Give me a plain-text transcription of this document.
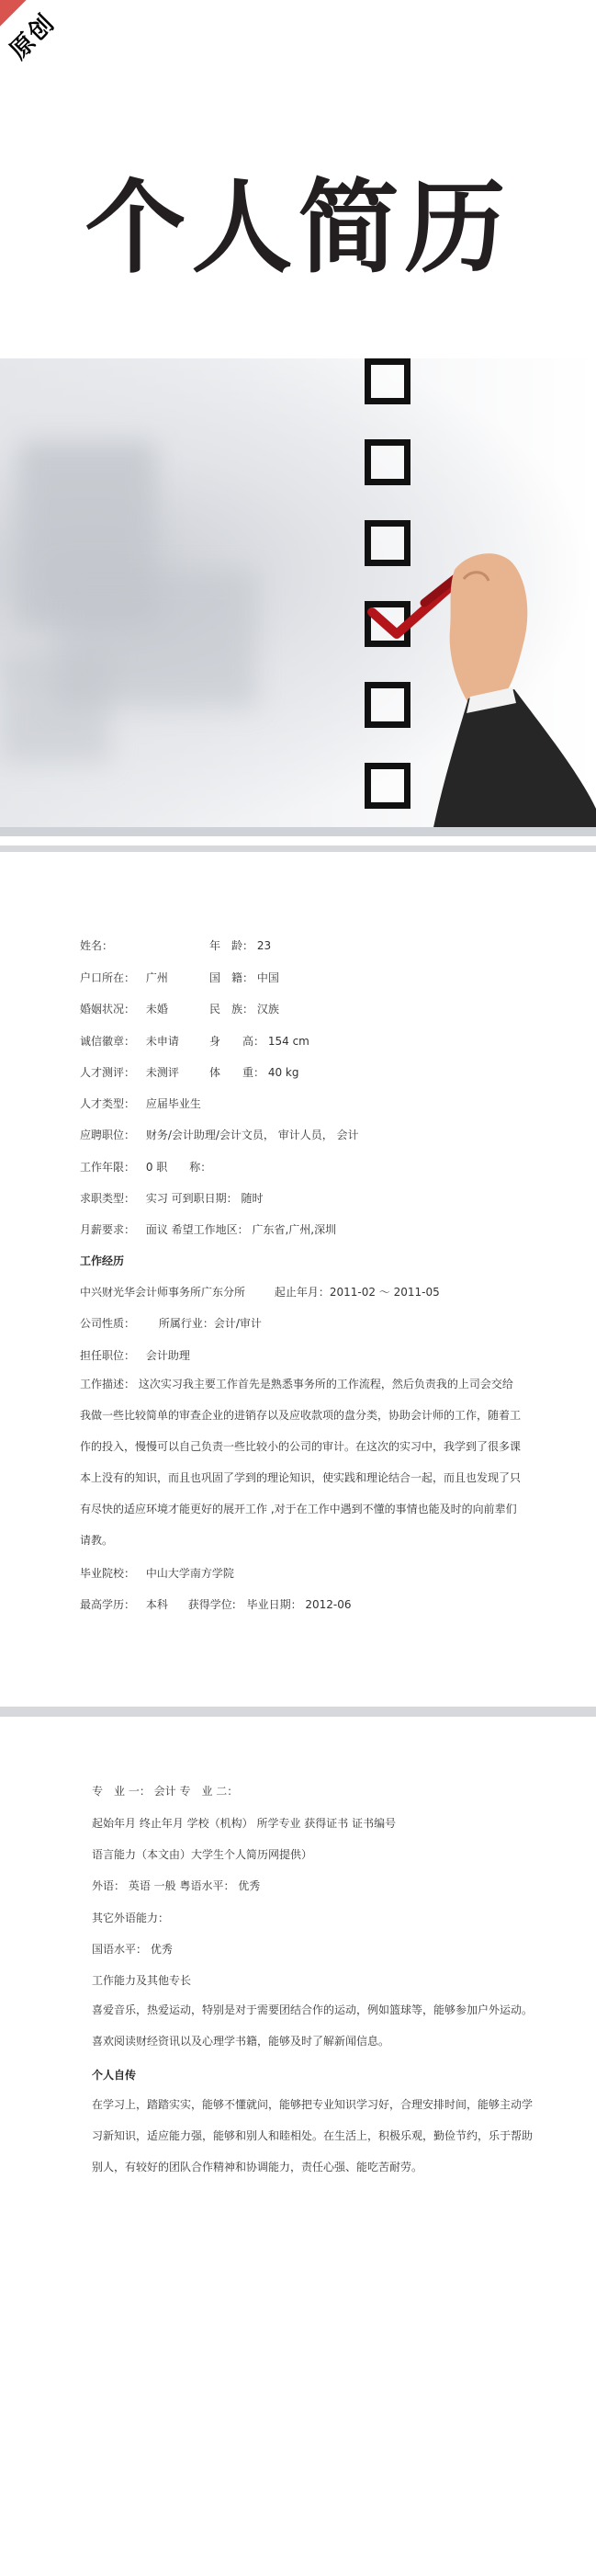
原创
个人简历
姓名：	年　龄： 23
户口所在： 广州	国　籍： 中国
婚姻状况： 未婚	民　族： 汉族
诚信徽章： 未申请	身　　高： 154 cm
人才测评： 未测评	体　　重： 40 kg
人才类型： 应届毕业生
应聘职位： 财务/会计助理/会计文员， 审计人员， 会计
工作年限： 0 职　　称：
求职类型： 实习 可到职日期： 随时
月薪要求： 面议 希望工作地区： 广东省,广州,深圳
工作经历
中兴财光华会计师事务所广东分所	起止年月：2011-02 ～ 2011-05
公司性质： 所属行业：会计/审计
担任职位： 会计助理
工作描述： 这次实习我主要工作首先是熟悉事务所的工作流程，然后负责我的上司会交给
我做一些比较简单的审查企业的进销存以及应收款项的盘分类，协助会计师的工作，随着工
作的投入，慢慢可以自己负责一些比较小的公司的审计。在这次的实习中，我学到了很多课
本上没有的知识，而且也巩固了学到的理论知识，使实践和理论结合一起，而且也发现了只
有尽快的适应环境才能更好的展开工作 ,对于在工作中遇到不懂的事情也能及时的向前辈们
请教。
毕业院校： 中山大学南方学院
最高学历： 本科 获得学位: 毕业日期： 2012-06
专　业 一： 会计 专　业 二：
起始年月 终止年月 学校（机构） 所学专业 获得证书 证书编号
语言能力（本文由）大学生个人简历网提供）
外语： 英语 一般 粤语水平： 优秀
其它外语能力：
国语水平： 优秀
工作能力及其他专长
喜爱音乐，热爱运动，特别是对于需要团结合作的运动，例如篮球等，能够参加户外运动。
喜欢阅读财经资讯以及心理学书籍，能够及时了解新闻信息。
个人自传
在学习上，踏踏实实，能够不懂就问，能够把专业知识学习好，合理安排时间，能够主动学
习新知识，适应能力强，能够和别人和睦相处。在生活上，积极乐观，勤俭节约，乐于帮助
别人，有较好的团队合作精神和协调能力，责任心强、能吃苦耐劳。
